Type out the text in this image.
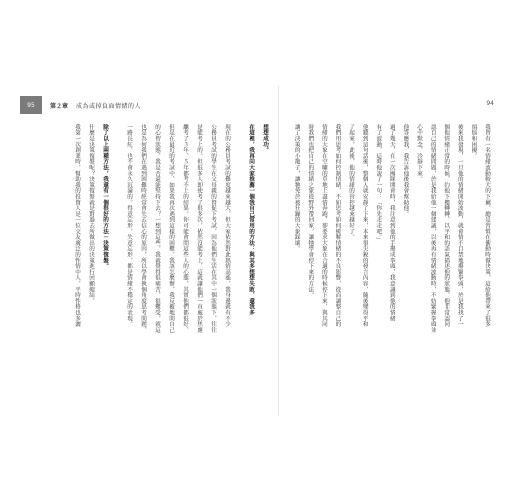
95	第２章 成為或掉負面情緒的人	94
我曾有一名情緒波動較大的下屬，總是習慣在衝動時做決策，這給他帶來了很多
煩惱和困擾。
後來我發現，一旦他的情緒開始波動，就會情不自禁地攥緊拳頭，於是我找了一
個他情緒正常的時候，約他下樓轉轉，以平和的語氣描述他的狀態，他非常認同
認自己的情緒問題，於是我給他一個建議，以後再有情緒波動時，不妨緊握拳頭並
心中默念，冷靜下來。
他答應我，我告訴他後我會幫助他。
過了幾天，在一次團隊開會時，我注意到他的手攥成拳頭，我意識到他的情緒
有了波動，這時他說了一句：「你先走走吧。」
他聽到這句話後，整個人就安靜了下來，本來很尖銳的發言內容，隨後變得平和
了起來，此後，他的情緒的管控越來越好了。
我們用思考如何控制情緒，不如思考如何緩解情緒的不良影響，從而調整自己的
情緒的大象在空曠的草地上盡情奔跑，卻要求大象在合適的時候停下來，與其同
時我們也把自己的情緒之象從野外帶回家，讓牠學會停下來的方法。
讓了決策的小籠子，讓牠免於被狂躁的大象踩壞。
想想成功。
在這裡，我再向大家推薦一個我自己常用的方法：與其多想想失敗，還我多
現在的公務員考試的難度越來越大，但大家依然對此熱情高漲，我身邊就有不少
公務員考試的學生在父母親的督促下考試，因為他們生活在其中一個狀態下，往往
是能考上的。但很多人即使考了很多次，依然沒能考上，這就讓他們一直處於焦慮
繼考了３年、５年都考不上的結果。你可能會問這些人的心態，其實他們都很好，
但是在最近的考試中，如果我再次遇到這樣的困難，我該怎麼辦，我反覆地問自己
的心智狀態，我是否還能堅持下去？一想到這些，我就覺得很痛苦，很難受，就這
也是為何我們在遇到困難時經常會失去信心的原因，所以學會換個角度思考問題，
一路長紅，也不會永久沉淪的。得意忘形，失意忘形，都是情緒不穩定的表現。
除了以上兩種方法，我還有一個很好的方法－決策復盤。
什麼是決策復盤呢？決策復盤就是對過去所做出的決策進行回顧總結，
我第一次創業時，幫助我的投資人是一位交友廣泛的性情中人，平時性格也多灑
